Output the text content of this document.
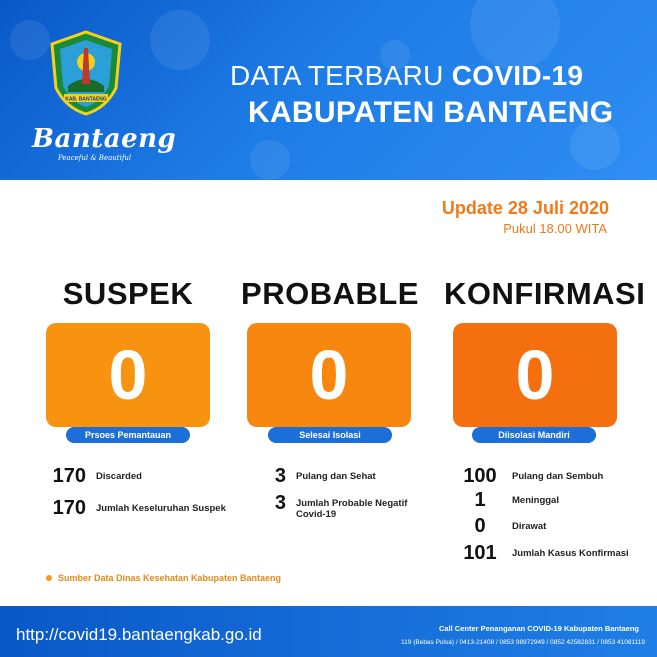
KAB. BANTAENG
Bantaeng
Peaceful & Beautiful
DATA TERBARU COVID-19
KABUPATEN BANTAENG
Update 28 Juli 2020
Pukul 18.00 WITA
SUSPEK	PROBABLE KONFIRMASI
0	0	0
Prsoes Pemantauan	Selesai Isolasi	Diisolasi Mandiri
170 Discarded
170 Jumlah Keseluruhan Suspek
3 Pulang dan Sehat
3 Jumlah Probable Negatif Covid-19
100	Pulang dan Sembuh
1	Meninggal
0	Dirawat
101	Jumlah Kasus Konfirmasi
Sumber Data Dinas Kesehatan Kabupaten Bantaeng
http://covid19.bantaengkab.go.id	Call Center Penanganan COVID-19 Kabupaten Bantaeng
119 (Bebas Pulsa) / 0413-21408 / 0853 98972949 / 0852 42582831 / 0853 41081119
